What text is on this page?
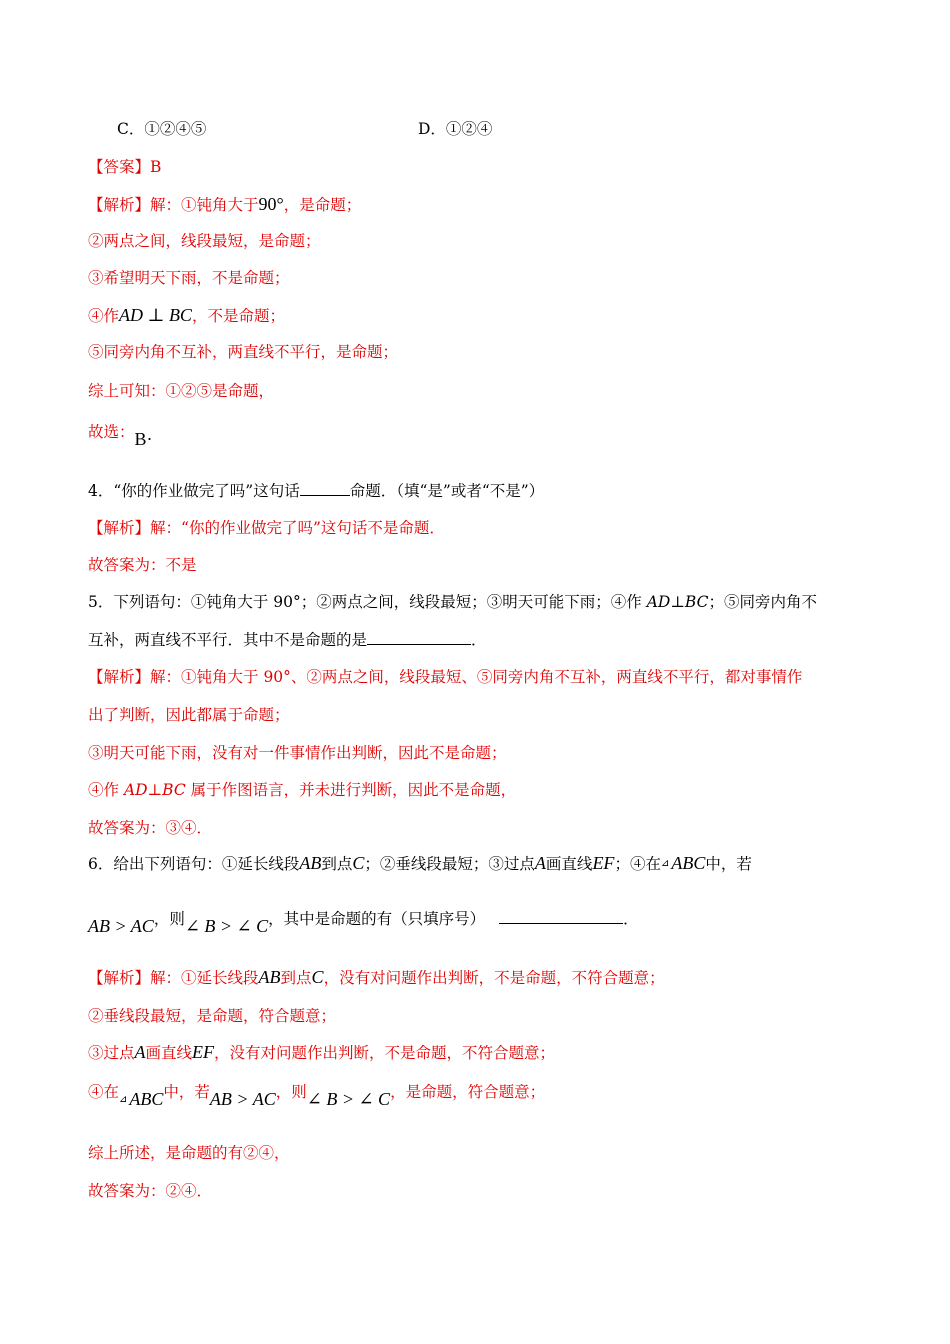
C．①②④⑤	D．①②④
【答案】B
【解析】解：①钝角大于90°，是命题；
②两点之间，线段最短，是命题；
③希望明天下雨，不是命题；
④作AD ⊥ BC，不是命题；
⑤同旁内角不互补，两直线不平行，是命题；
综上可知：①②⑤是命题，
故选：B·
4．“你的作业做完了吗”这句话	命题．（填“是”或者“不是”）
【解析】解：“你的作业做完了吗”这句话不是命题．
故答案为：不是
5．下列语句：①钝角大于 90°；②两点之间，线段最短；③明天可能下雨；④作 AD⊥BC；⑤同旁内角不
互补，两直线不平行．其中不是命题的是	．
【解析】解：①钝角大于 90°、②两点之间，线段最短、⑤同旁内角不互补，两直线不平行，都对事情作
出了判断，因此都属于命题；
③明天可能下雨，没有对一件事情作出判断，因此不是命题；
④作 AD⊥BC 属于作图语言，并未进行判断，因此不是命题，
故答案为：③④．
6．给出下列语句：①延长线段AB到点C；②垂线段最短；③过点A画直线EF；④在⊿ ABC中，若
AB > AC，则∠ B > ∠ C，其中是命题的有（只填序号）	．
【解析】解：①延长线段AB到点C，没有对问题作出判断，不是命题，不符合题意；
②垂线段最短，是命题，符合题意；
③过点A画直线EF，没有对问题作出判断，不是命题，不符合题意；
④在$_⊿$ ABC中，若AB > AC，则∠ B > ∠ C，是命题，符合题意；
综上所述，是命题的有②④，
故答案为：②④．
